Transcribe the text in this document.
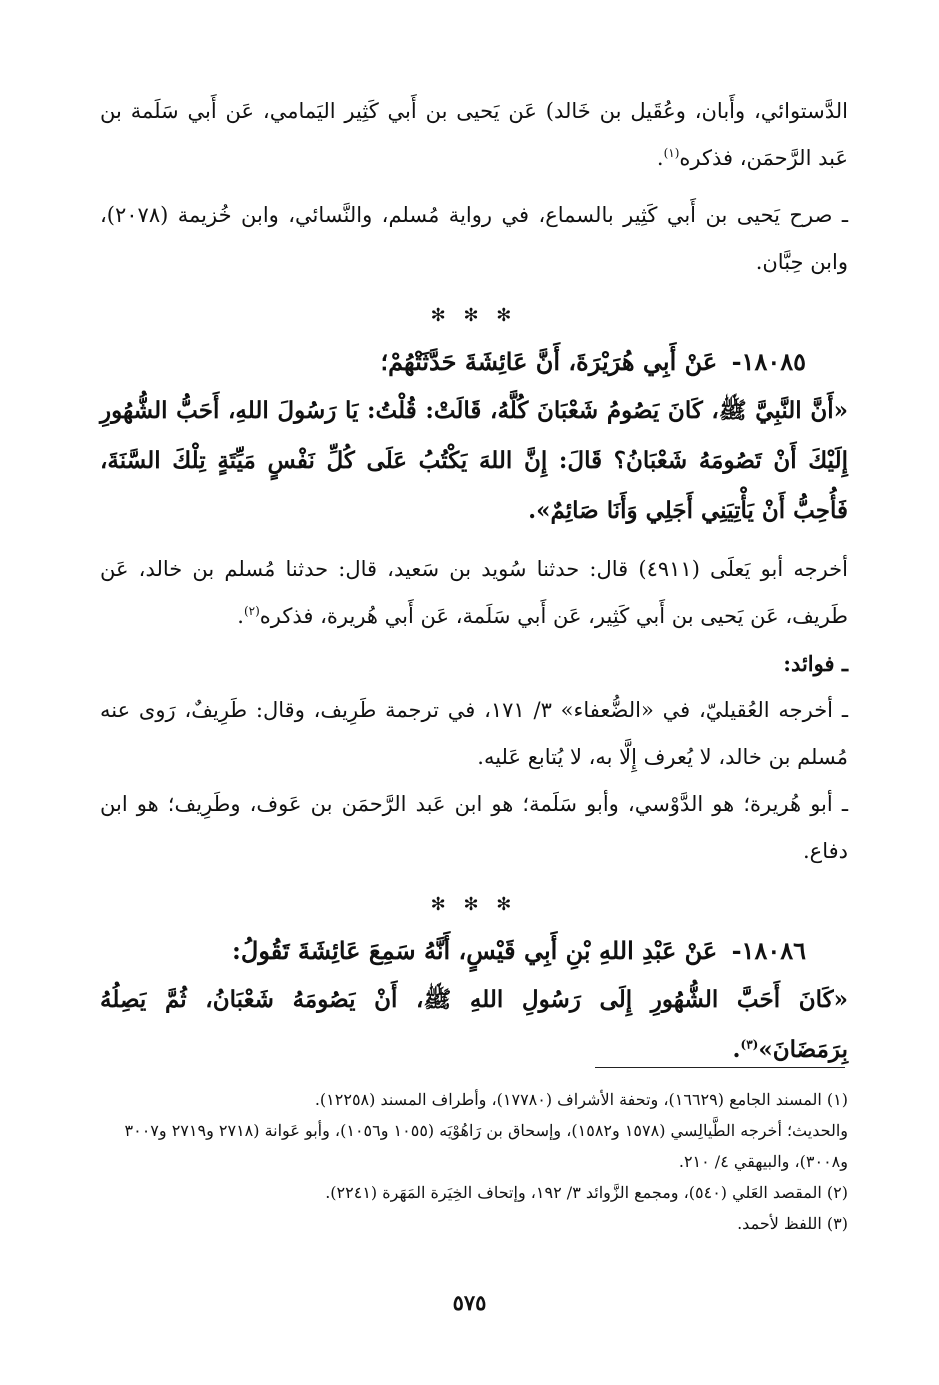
الدَّستوائي، وأَبان، وعُقَيل بن خَالد) عَن يَحيى بن أَبي كَثِير اليَمامي، عَن أَبي سَلَمة بن عَبد الرَّحمَن، فذكره$^{(١)}$.

ـ صرح يَحيى بن أَبي كَثِير بالسماع، في رواية مُسلم، والنَّسائي، وابن خُزيمة (٢٠٧٨)، وابن حِبَّان.

✻ ✻ ✻

١٨٠٨٥- عَنْ أَبِي هُرَيْرَةَ، أَنَّ عَائِشَةَ حَدَّثَتْهُمْ؛

«أَنَّ النَّبِيَّ ﷺ، كَانَ يَصُومُ شَعْبَانَ كُلَّهُ، قَالَتْ: قُلْتُ: يَا رَسُولَ اللهِ، أَحَبُّ الشُّهُورِ إِلَيْكَ أَنْ تَصُومَهُ شَعْبَانُ؟ قَالَ: إِنَّ اللهَ يَكْتُبُ عَلَى كُلِّ نَفْسٍ مَيِّتَةٍ تِلْكَ السَّنَةَ، فَأُحِبُّ أَنْ يَأْتِيَنِي أَجَلِي وَأَنَا صَائِمٌ».

أخرجه أبو يَعلَى (٤٩١١) قال: حدثنا سُويد بن سَعيد، قال: حدثنا مُسلم بن خالد، عَن طَريف، عَن يَحيى بن أَبي كَثِير، عَن أَبي سَلَمة، عَن أَبي هُريرة، فذكره$^{(٢)}$.

ـ فوائد:

ـ أخرجه العُقيليّ، في «الضُّعفاء» ٣/ ١٧١، في ترجمة طَرِيف، وقال: طَرِيفٌ، رَوى عنه مُسلم بن خالد، لا يُعرف إِلَّا به، لا يُتابع عَليه.

ـ أبو هُريرة؛ هو الدَّوْسي، وأبو سَلَمة؛ هو ابن عَبد الرَّحمَن بن عَوف، وطَرِيف؛ هو ابن دفاع.

✻ ✻ ✻

١٨٠٨٦- عَنْ عَبْدِ اللهِ بْنِ أَبِي قَيْسٍ، أَنَّهُ سَمِعَ عَائِشَةَ تَقُولُ:

«كَانَ أَحَبَّ الشُّهُورِ إِلَى رَسُولِ اللهِ ﷺ، أَنْ يَصُومَهُ شَعْبَانُ، ثُمَّ يَصِلُهُ بِرَمَضَانَ»$^{(٣)}$.

(١) المسند الجامع (١٦٦٢٩)، وتحفة الأشراف (١٧٧٨٠)، وأطراف المسند (١٢٢٥٨).

والحديث؛ أخرجه الطَّيالِسي (١٥٧٨ و١٥٨٢)، وإسحاق بن رَاهُوْيَه (١٠٥٥ و١٠٥٦)، وأبو عَوانة (٢٧١٨ و٢٧١٩ و٣٠٠٧ و٣٠٠٨)، والبيهقي ٤/ ٢١٠.

(٢) المقصد العَلي (٥٤٠)، ومجمع الزَّوائد ٣/ ١٩٢، وإتحاف الخِيَرة المَهَرة (٢٢٤١).

(٣) اللفظ لأحمد.

٥٧٥
